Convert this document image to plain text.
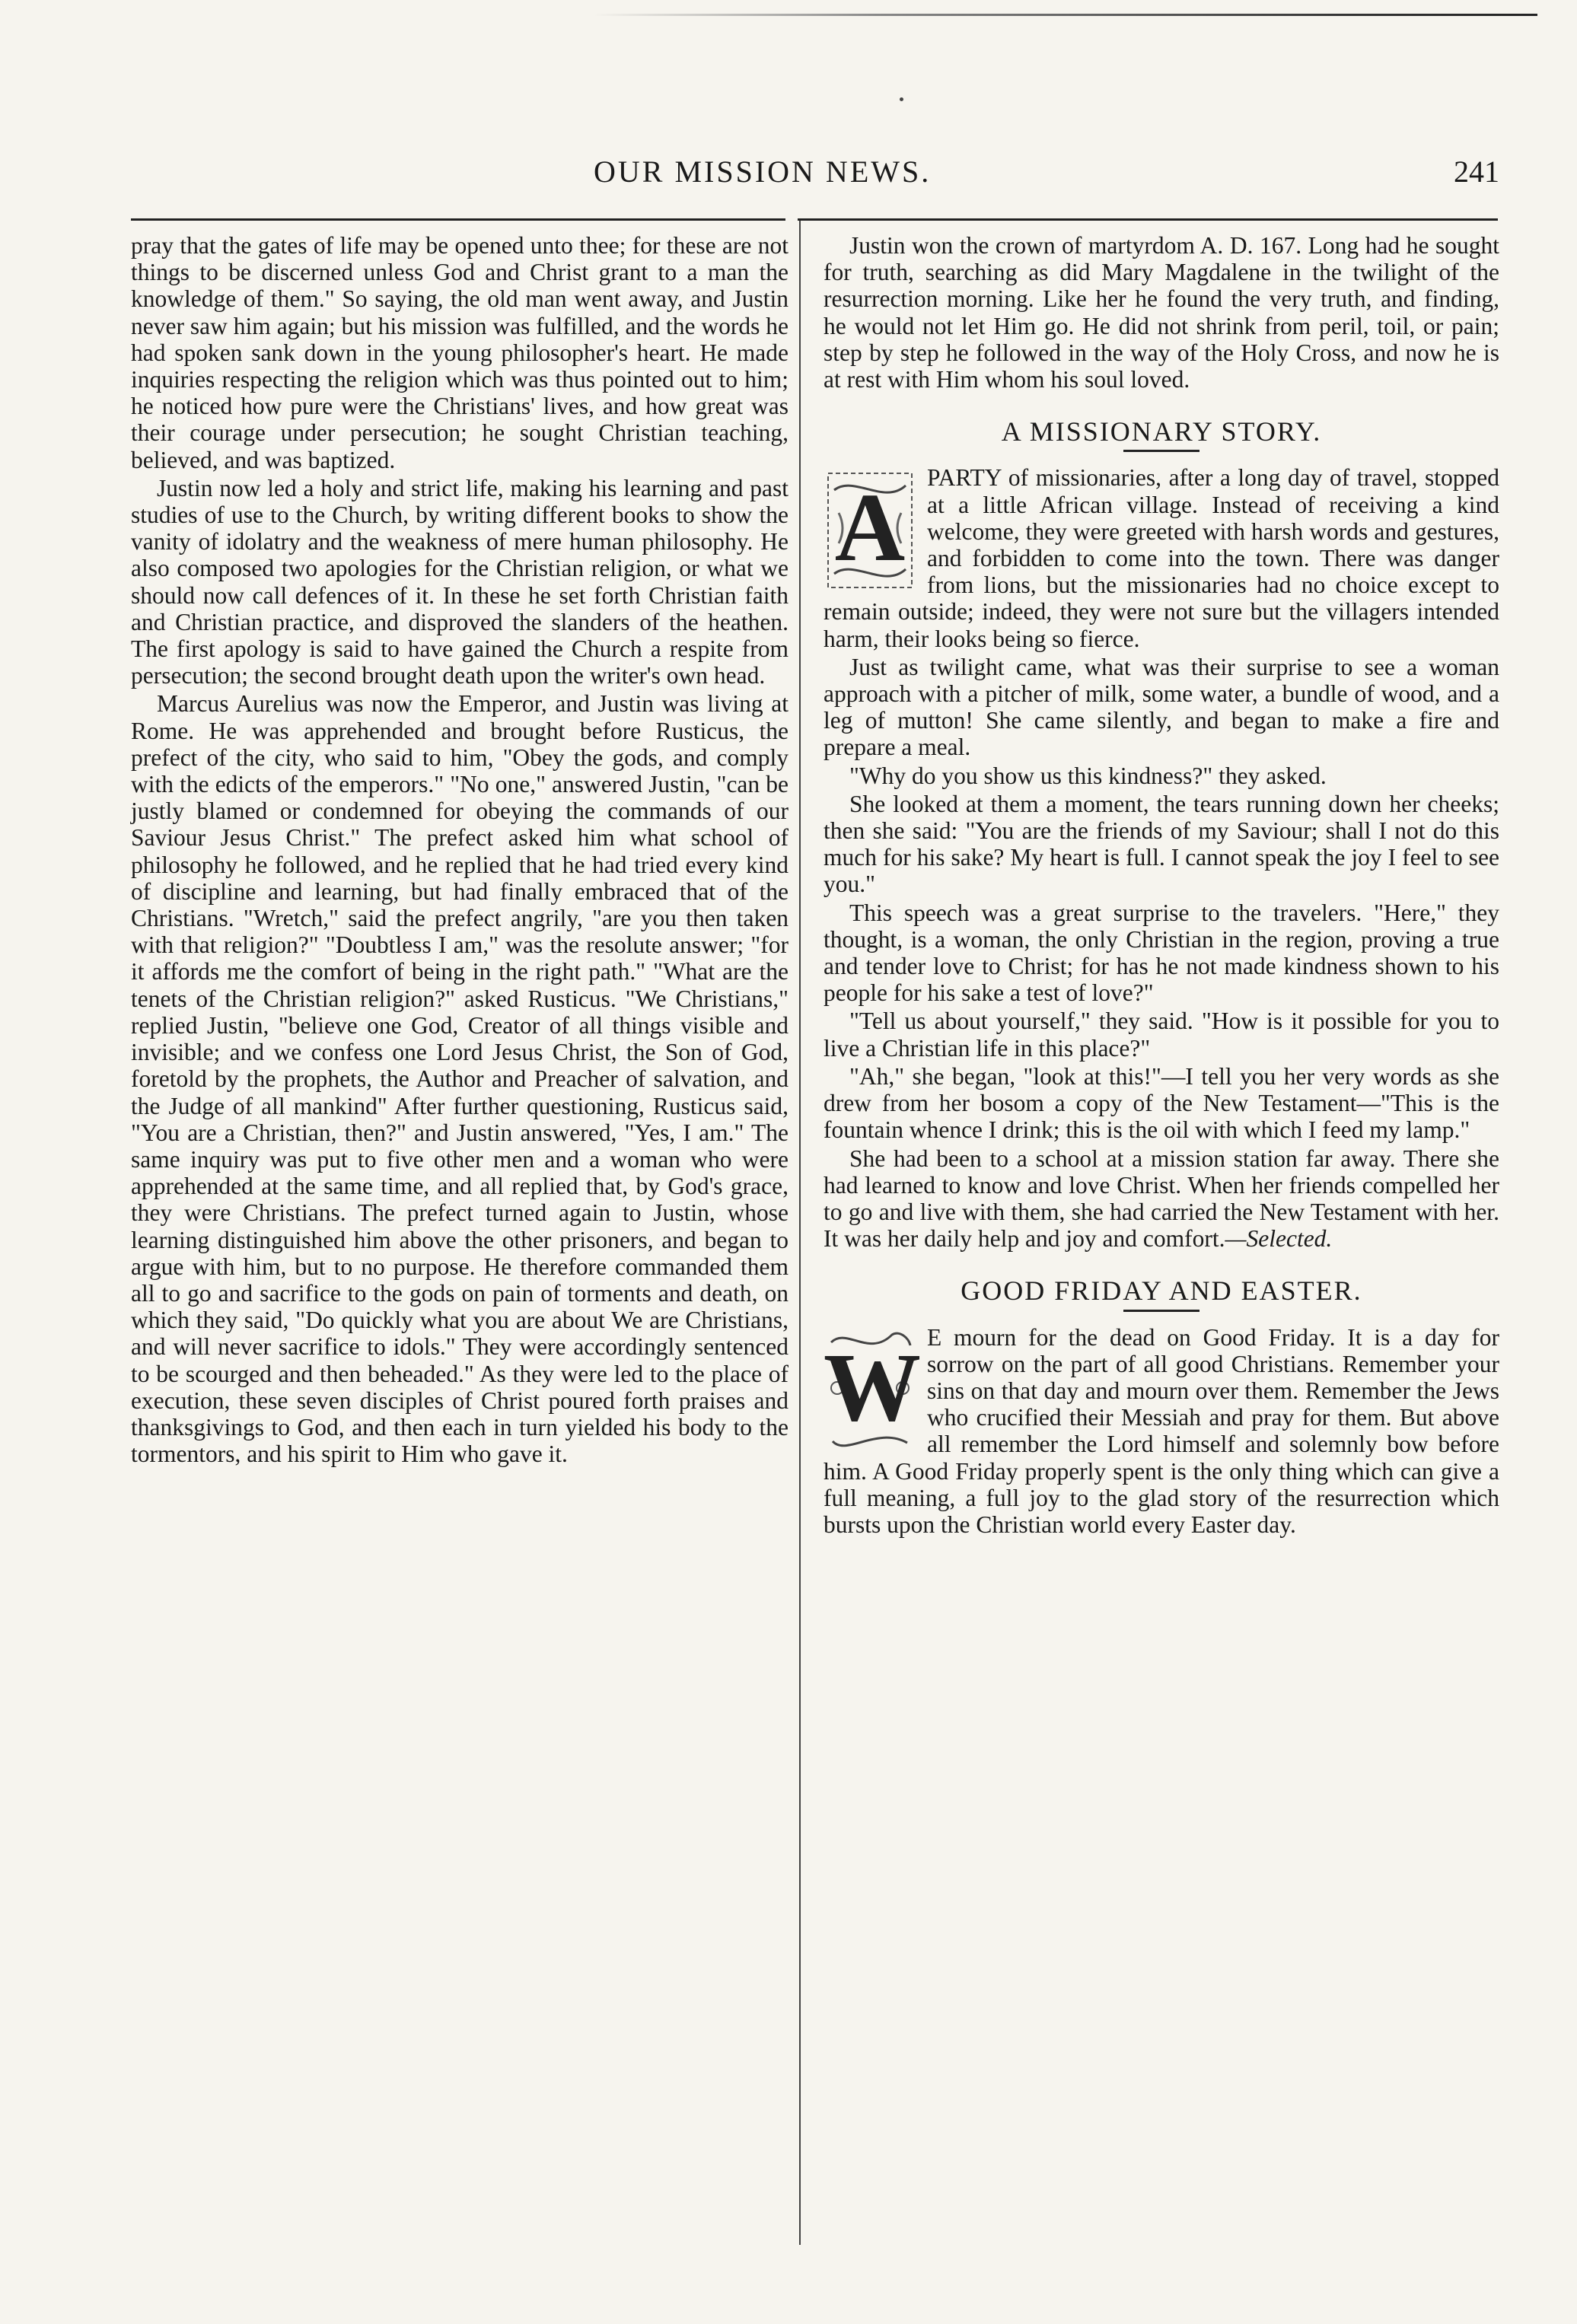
OUR MISSION NEWS.	241

pray that the gates of life may be opened unto thee; for these are not things to be discerned unless God and Christ grant to a man the knowledge of them." So saying, the old man went away, and Justin never saw him again; but his mission was fulfilled, and the words he had spoken sank down in the young philosopher's heart. He made inquiries respecting the religion which was thus pointed out to him; he noticed how pure were the Christians' lives, and how great was their courage under persecution; he sought Christian teaching, believed, and was baptized.

Justin now led a holy and strict life, making his learning and past studies of use to the Church, by writing different books to show the vanity of idolatry and the weakness of mere human philosophy. He also composed two apologies for the Christian religion, or what we should now call defences of it. In these he set forth Christian faith and Christian practice, and disproved the slanders of the heathen. The first apology is said to have gained the Church a respite from persecution; the second brought death upon the writer's own head.

Marcus Aurelius was now the Emperor, and Justin was living at Rome. He was apprehended and brought before Rusticus, the prefect of the city, who said to him, "Obey the gods, and comply with the edicts of the emperors." "No one," answered Justin, "can be justly blamed or condemned for obeying the commands of our Saviour Jesus Christ." The prefect asked him what school of philosophy he followed, and he replied that he had tried every kind of discipline and learning, but had finally embraced that of the Christians. "Wretch," said the prefect angrily, "are you then taken with that religion?" "Doubtless I am," was the resolute answer; "for it affords me the comfort of being in the right path." "What are the tenets of the Christian religion?" asked Rusticus. "We Christians," replied Justin, "believe one God, Creator of all things visible and invisible; and we confess one Lord Jesus Christ, the Son of God, foretold by the prophets, the Author and Preacher of salvation, and the Judge of all mankind" After further questioning, Rusticus said, "You are a Christian, then?" and Justin answered, "Yes, I am." The same inquiry was put to five other men and a woman who were apprehended at the same time, and all replied that, by God's grace, they were Christians. The prefect turned again to Justin, whose learning distinguished him above the other prisoners, and began to argue with him, but to no purpose. He therefore commanded them all to go and sacrifice to the gods on pain of torments and death, on which they said, "Do quickly what you are about We are Christians, and will never sacrifice to idols." They were accordingly sentenced to be scourged and then beheaded." As they were led to the place of execution, these seven disciples of Christ poured forth praises and thanksgivings to God, and then each in turn yielded his body to the tormentors, and his spirit to Him who gave it.

Justin won the crown of martyrdom A. D. 167. Long had he sought for truth, searching as did Mary Magdalene in the twilight of the resurrection morning. Like her he found the very truth, and finding, he would not let Him go. He did not shrink from peril, toil, or pain; step by step he followed in the way of the Holy Cross, and now he is at rest with Him whom his soul loved.

A MISSIONARY STORY.

A PARTY of missionaries, after a long day of travel, stopped at a little African village. Instead of receiving a kind welcome, they were greeted with harsh words and gestures, and forbidden to come into the town. There was danger from lions, but the missionaries had no choice except to remain outside; indeed, they were not sure but the villagers intended harm, their looks being so fierce.

Just as twilight came, what was their surprise to see a woman approach with a pitcher of milk, some water, a bundle of wood, and a leg of mutton! She came silently, and began to make a fire and prepare a meal.

"Why do you show us this kindness?" they asked.

She looked at them a moment, the tears running down her cheeks; then she said: "You are the friends of my Saviour; shall I not do this much for his sake? My heart is full. I cannot speak the joy I feel to see you."

This speech was a great surprise to the travelers. "Here," they thought, is a woman, the only Christian in the region, proving a true and tender love to Christ; for has he not made kindness shown to his people for his sake a test of love?"

"Tell us about yourself," they said. "How is it possible for you to live a Christian life in this place?"

"Ah," she began, "look at this!"—I tell you her very words as she drew from her bosom a copy of the New Testament—"This is the fountain whence I drink; this is the oil with which I feed my lamp."

She had been to a school at a mission station far away. There she had learned to know and love Christ. When her friends compelled her to go and live with them, she had carried the New Testament with her. It was her daily help and joy and comfort.—Selected.

GOOD FRIDAY AND EASTER.

W E mourn for the dead on Good Friday. It is a day for sorrow on the part of all good Christians. Remember your sins on that day and mourn over them. Remember the Jews who crucified their Messiah and pray for them. But above all remember the Lord himself and solemnly bow before him. A Good Friday properly spent is the only thing which can give a full meaning, a full joy to the glad story of the resurrection which bursts upon the Christian world every Easter day.
